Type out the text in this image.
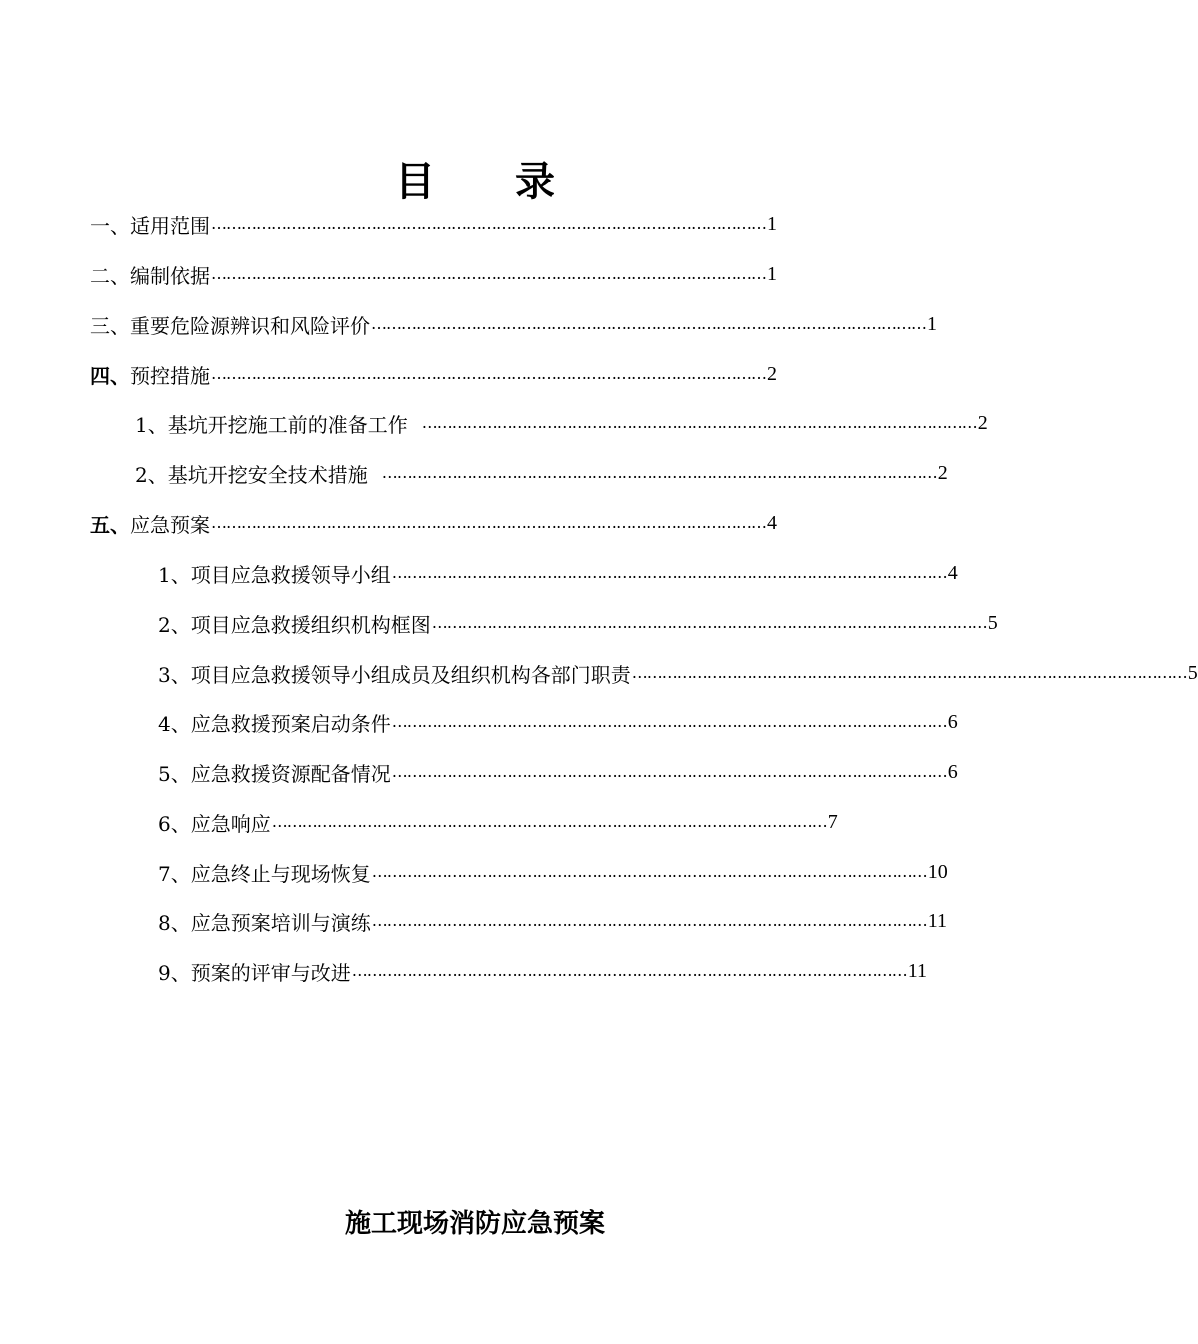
目 录
一、 适用范围 ………………………………………………………………………………………………… 1
二、 编制依据 ………………………………………………………………………………………………… 1
三、 重要危险源辨识和风险评价 ………………………………………………………………………………………………… 1
四、 预控措施 ………………………………………………………………………………………………… 2
1、 基坑开挖施工前的准备工作 ………………………………………………………………………………………………… 2
2、 基坑开挖安全技术措施 ………………………………………………………………………………………………… 2
五、 应急预案 ………………………………………………………………………………………………… 4
1、 项目应急救援领导小组 ………………………………………………………………………………………………… 4
2、 项目应急救援组织机构框图 ………………………………………………………………………………………………… 5
3、 项目应急救援领导小组成员及组织机构各部门职责 ………………………………………………………………………………………………… 5
4、 应急救援预案启动条件 ………………………………………………………………………………………………… 6
5、 应急救援资源配备情况 ………………………………………………………………………………………………… 6
6、 应急响应 ………………………………………………………………………………………………… 7
7、 应急终止与现场恢复 ………………………………………………………………………………………………… 10
8、 应急预案培训与演练 ………………………………………………………………………………………………… 11
9、 预案的评审与改进 ………………………………………………………………………………………………… 11
施工现场消防应急预案
